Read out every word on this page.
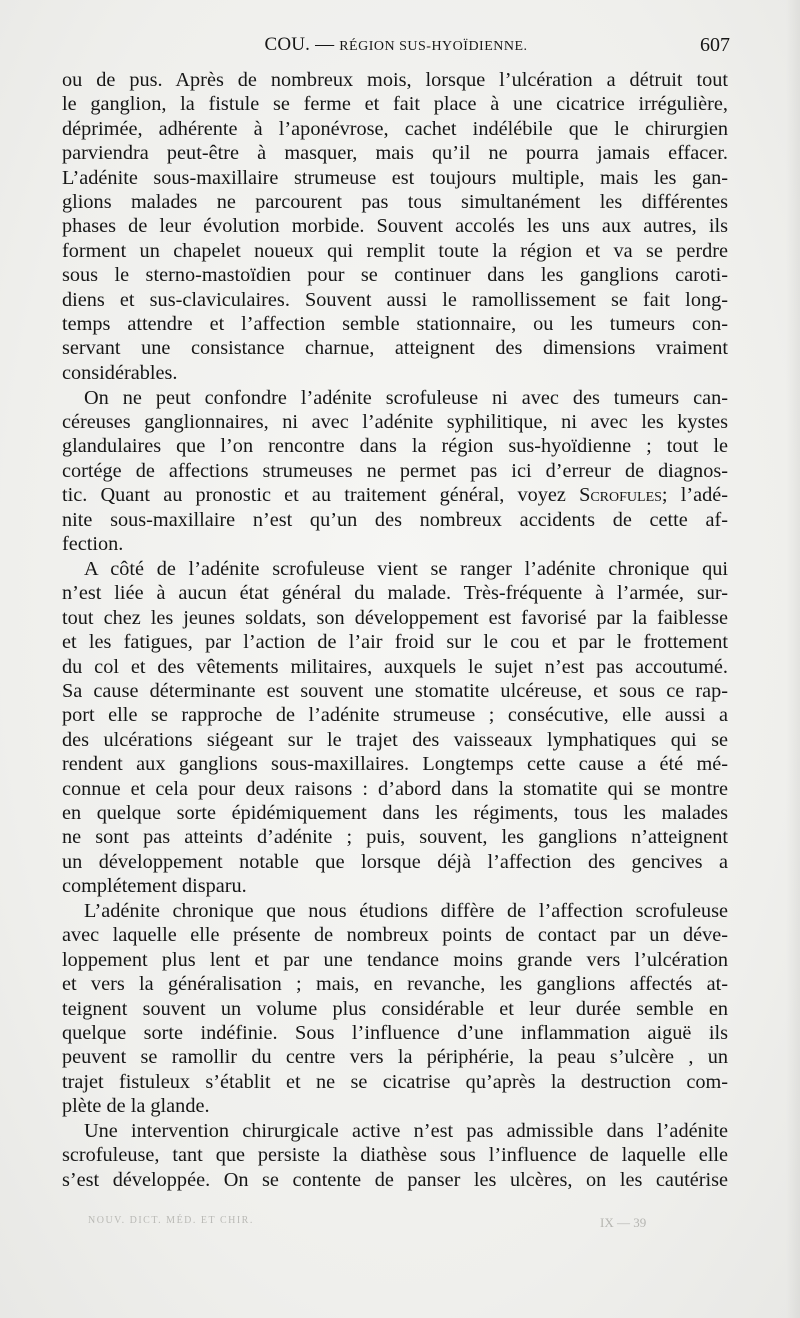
COU. — RÉGION SUS-HYOÏDIENNE.	607
ou de pus. Après de nombreux mois, lorsque l’ulcération a détruit tout
le ganglion, la fistule se ferme et fait place à une cicatrice irrégulière,
déprimée, adhérente à l’aponévrose, cachet indélébile que le chirurgien
parviendra peut-être à masquer, mais qu’il ne pourra jamais effacer.
L’adénite sous-maxillaire strumeuse est toujours multiple, mais les gan-
glions malades ne parcourent pas tous simultanément les différentes
phases de leur évolution morbide. Souvent accolés les uns aux autres, ils
forment un chapelet noueux qui remplit toute la région et va se perdre
sous le sterno-mastoïdien pour se continuer dans les ganglions caroti-
diens et sus-claviculaires. Souvent aussi le ramollissement se fait long-
temps attendre et l’affection semble stationnaire, ou les tumeurs con-
servant une consistance charnue, atteignent des dimensions vraiment
considérables.
On ne peut confondre l’adénite scrofuleuse ni avec des tumeurs can-
céreuses ganglionnaires, ni avec l’adénite syphilitique, ni avec les kystes
glandulaires que l’on rencontre dans la région sus-hyoïdienne ; tout le
cortége de affections strumeuses ne permet pas ici d’erreur de diagnos-
tic. Quant au pronostic et au traitement général, voyez Scrofules; l’adé-
nite sous-maxillaire n’est qu’un des nombreux accidents de cette af-
fection.
A côté de l’adénite scrofuleuse vient se ranger l’adénite chronique qui
n’est liée à aucun état général du malade. Très-fréquente à l’armée, sur-
tout chez les jeunes soldats, son développement est favorisé par la faiblesse
et les fatigues, par l’action de l’air froid sur le cou et par le frottement
du col et des vêtements militaires, auxquels le sujet n’est pas accoutumé.
Sa cause déterminante est souvent une stomatite ulcéreuse, et sous ce rap-
port elle se rapproche de l’adénite strumeuse ; consécutive, elle aussi a
des ulcérations siégeant sur le trajet des vaisseaux lymphatiques qui se
rendent aux ganglions sous-maxillaires. Longtemps cette cause a été mé-
connue et cela pour deux raisons : d’abord dans la stomatite qui se montre
en quelque sorte épidémiquement dans les régiments, tous les malades
ne sont pas atteints d’adénite ; puis, souvent, les ganglions n’atteignent
un développement notable que lorsque déjà l’affection des gencives a
complétement disparu.
L’adénite chronique que nous étudions diffère de l’affection scrofuleuse
avec laquelle elle présente de nombreux points de contact par un déve-
loppement plus lent et par une tendance moins grande vers l’ulcération
et vers la généralisation ; mais, en revanche, les ganglions affectés at-
teignent souvent un volume plus considérable et leur durée semble en
quelque sorte indéfinie. Sous l’influence d’une inflammation aiguë ils
peuvent se ramollir du centre vers la périphérie, la peau s’ulcère , un
trajet fistuleux s’établit et ne se cicatrise qu’après la destruction com-
plète de la glande.
Une intervention chirurgicale active n’est pas admissible dans l’adénite
scrofuleuse, tant que persiste la diathèse sous l’influence de laquelle elle
s’est développée. On se contente de panser les ulcères, on les cautérise
NOUV. DICT. MÉD. ET CHIR.	IX — 39
